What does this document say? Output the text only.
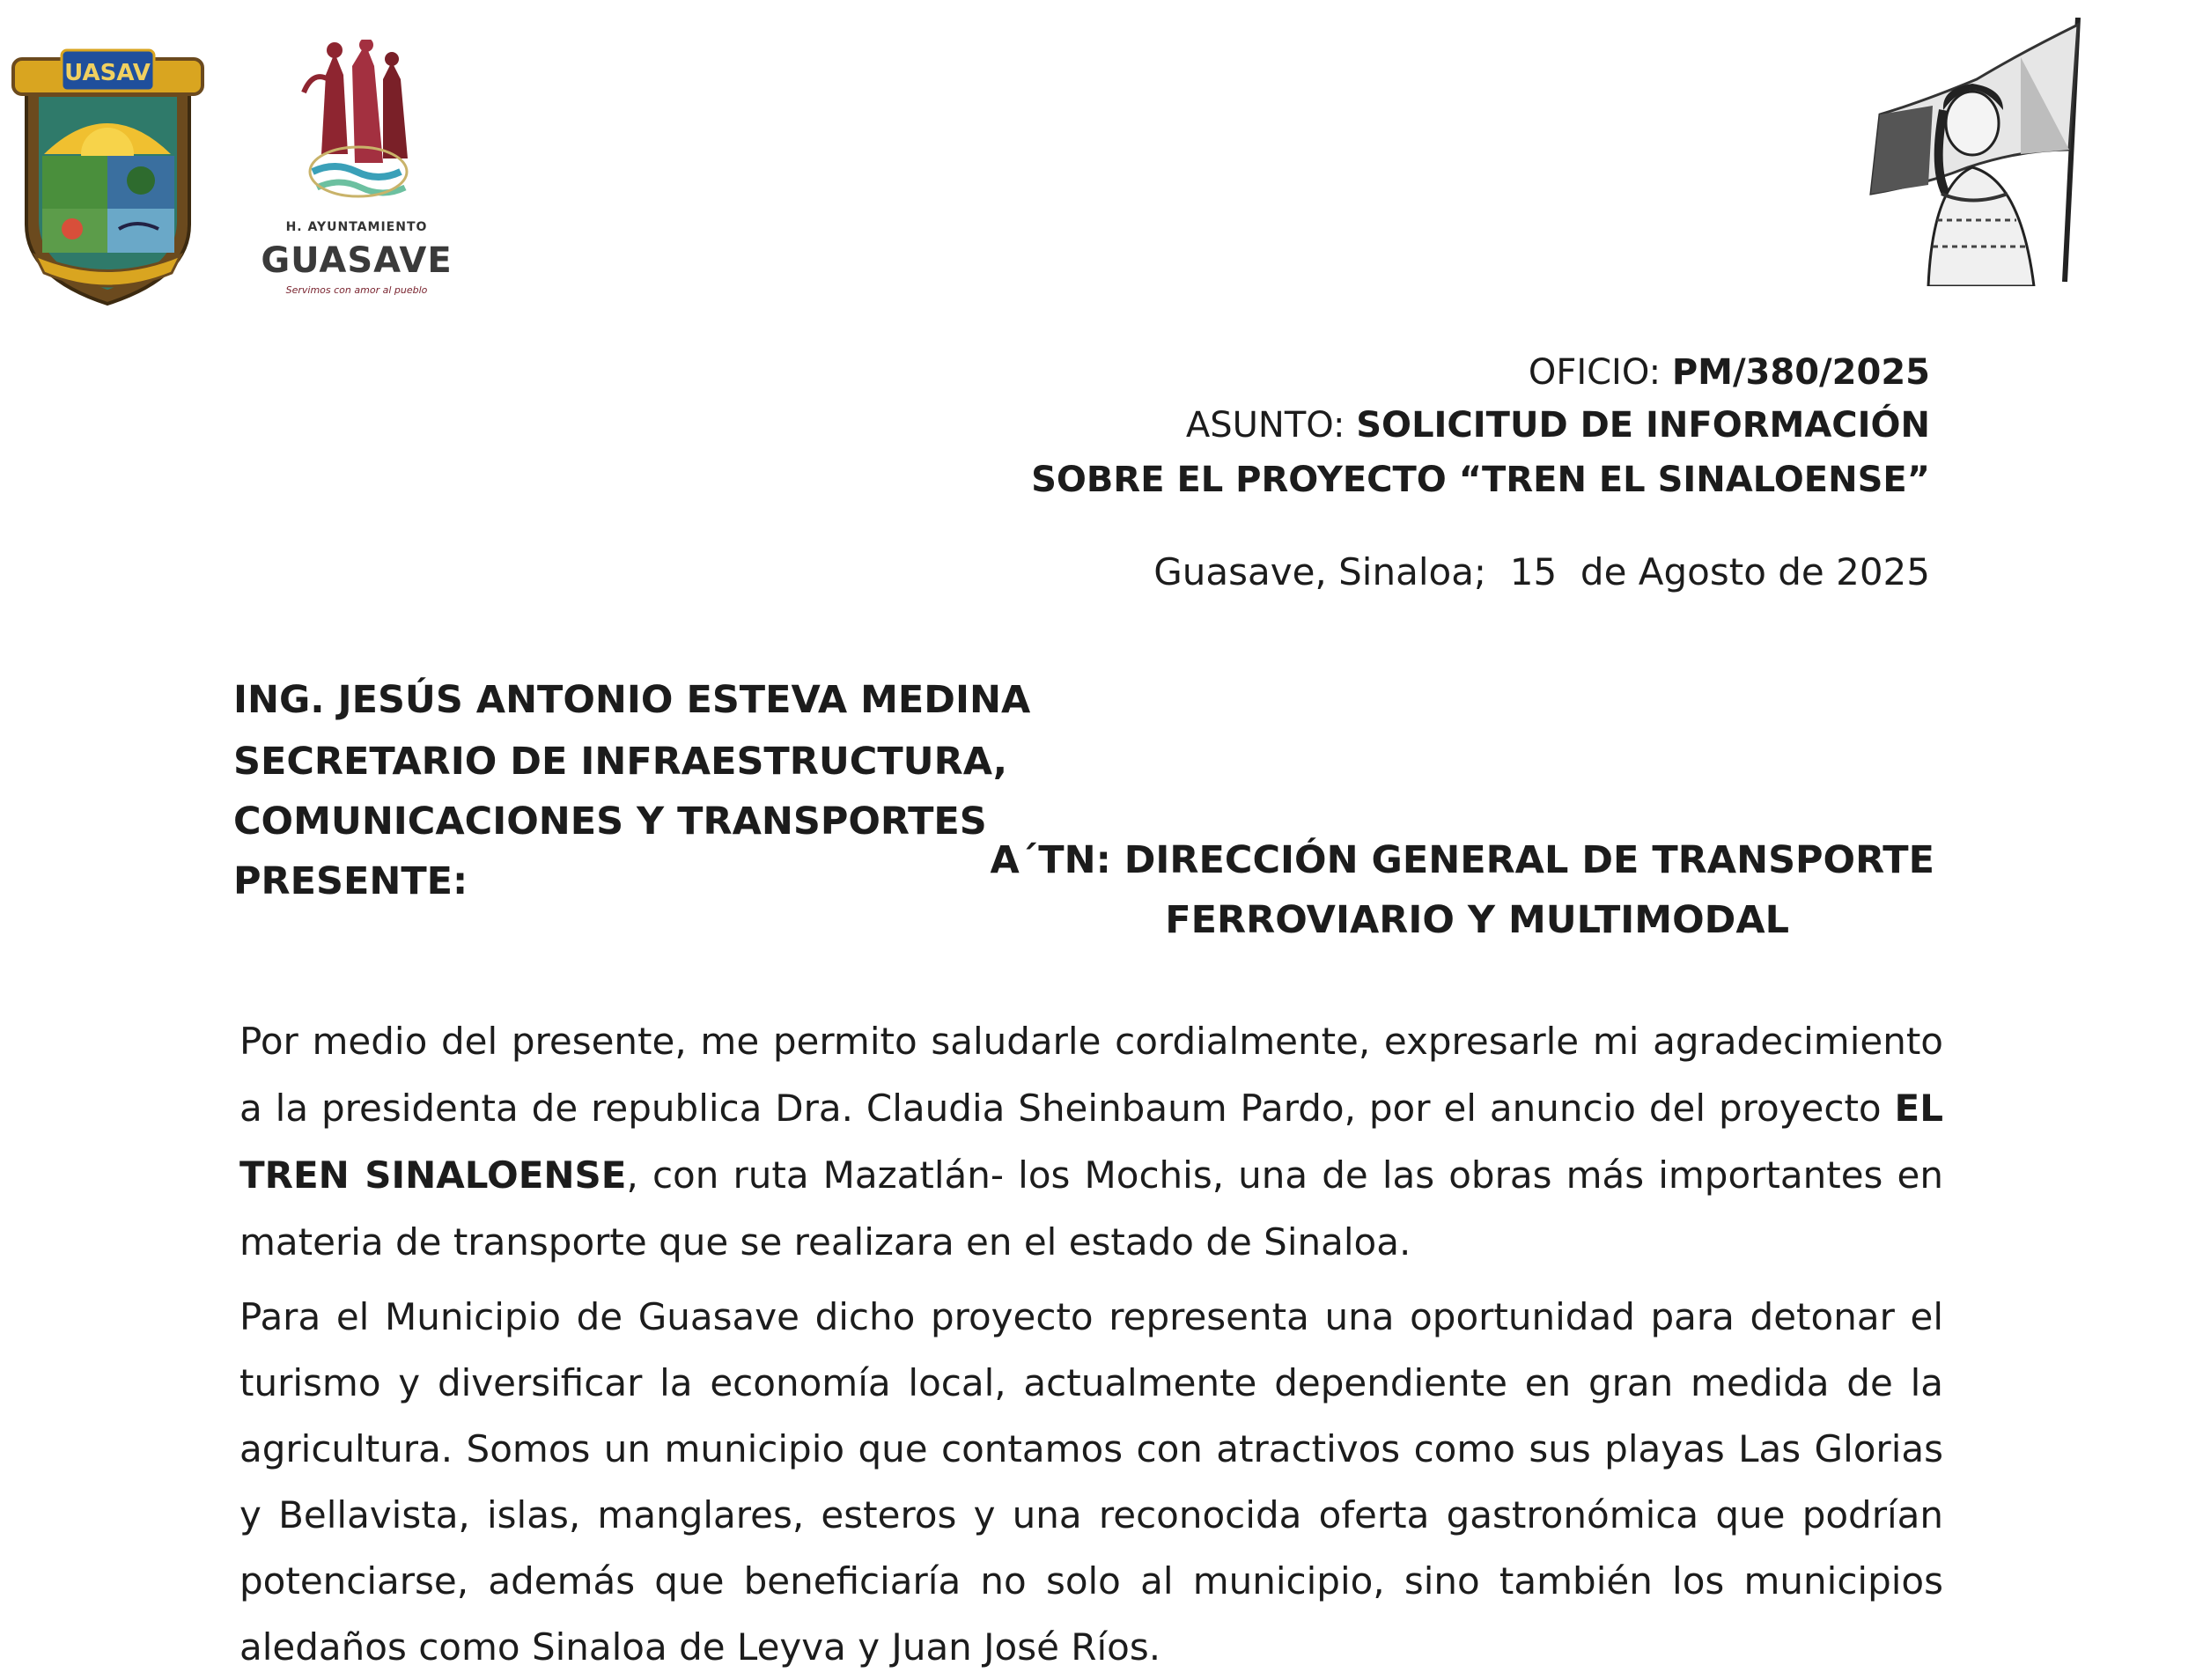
UASAV
H. AYUNTAMIENTO
GUASAVE
Servimos con amor al pueblo
OFICIO: PM/380/2025
ASUNTO: SOLICITUD DE INFORMACIÓN
SOBRE EL PROYECTO “TREN EL SINALOENSE”
Guasave, Sinaloa;  15  de Agosto de 2025
ING. JESÚS ANTONIO ESTEVA MEDINA
SECRETARIO DE INFRAESTRUCTURA,
COMUNICACIONES Y TRANSPORTES
PRESENTE:	A´TN: DIRECCIÓN GENERAL DE TRANSPORTE
FERROVIARIO Y MULTIMODAL
Por medio del presente, me permito saludarle cordialmente, expresarle mi agradecimiento a la presidenta de republica Dra. Claudia Sheinbaum Pardo, por el anuncio del proyecto EL TREN SINALOENSE, con ruta Mazatlán- los Mochis, una de las obras más importantes en materia de transporte que se realizara en el estado de Sinaloa.
Para el Municipio de Guasave dicho proyecto representa una oportunidad para detonar el turismo y diversificar la economía local, actualmente dependiente en gran medida de la agricultura. Somos un municipio que contamos con atractivos como sus playas Las Glorias y Bellavista, islas, manglares, esteros y una reconocida oferta gastronómica que podrían potenciarse, además que beneficiaría no solo al municipio, sino también los municipios aledaños como Sinaloa de Leyva y Juan José Ríos.
